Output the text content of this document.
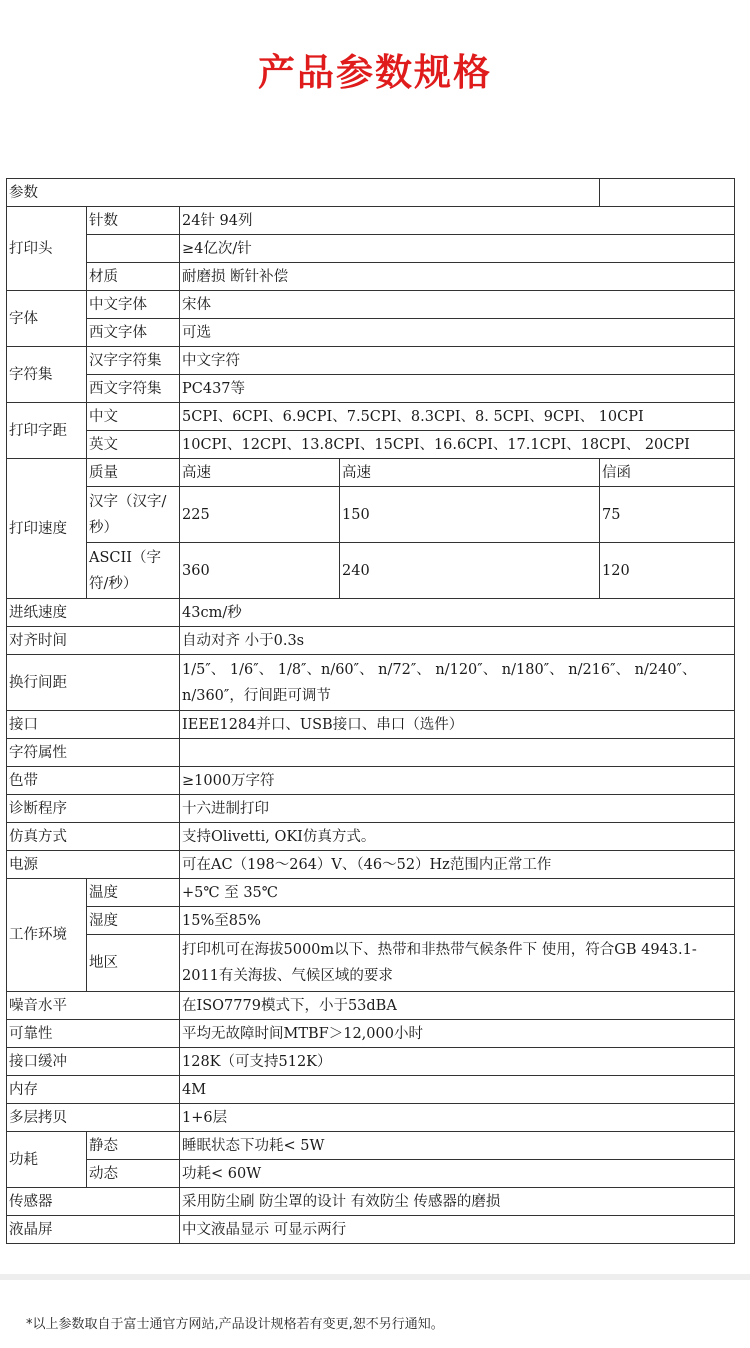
产品参数规格
参数				
打印头	针数	24针 94列		
		≥4亿次/针		
	材质	耐磨损 断针补偿		
字体	中文字体	宋体		
	西文字体	可选		
字符集	汉字字符集	中文字符		
	西文字符集	PC437等		
打印字距	中文	5CPI、6CPI、6.9CPI、7.5CPI、8.3CPI、8. 5CPI、9CPI、 10CPI		
	英文	10CPI、12CPI、13.8CPI、15CPI、16.6CPI、17.1CPI、18CPI、 20CPI		
打印速度	质量	高速	高速	信函
	汉字（汉字/秒）	225	150	75
	ASCII（字符/秒）	360	240	120
进纸速度		43cm/秒		
对齐时间		自动对齐 小于0.3s		
换行间距		1/5″、 1/6″、 1/8″、n/60″、 n/72″、 n/120″、 n/180″、 n/216″、 n/240″、 n/360″，行间距可调节		
接口		IEEE1284并口、USB接口、串口（选件）		
字符属性				
色带		≥1000万字符		
诊断程序		十六进制打印		
仿真方式		支持Olivetti, OKI仿真方式。		
电源		可在AC（198～264）V、（46～52）Hz范围内正常工作		
工作环境	温度	+5℃ 至 35℃		
	湿度	15%至85%		
	地区	打印机可在海拔5000m以下、热带和非热带气候条件下 使用，符合GB 4943.1-2011有关海拔、气候区域的要求		
噪音水平		在ISO7779模式下，小于53dBA		
可靠性		平均无故障时间MTBF＞12,000小时		
接口缓冲		128K（可支持512K）		
内存		4M		
多层拷贝		1+6层		
功耗	静态	睡眠状态下功耗< 5W		
	动态	功耗< 60W		
传感器		采用防尘刷 防尘罩的设计 有效防尘 传感器的磨损		
液晶屏		中文液晶显示 可显示两行		
*以上参数取自于富士通官方网站,产品设计规格若有变更,恕不另行通知。
